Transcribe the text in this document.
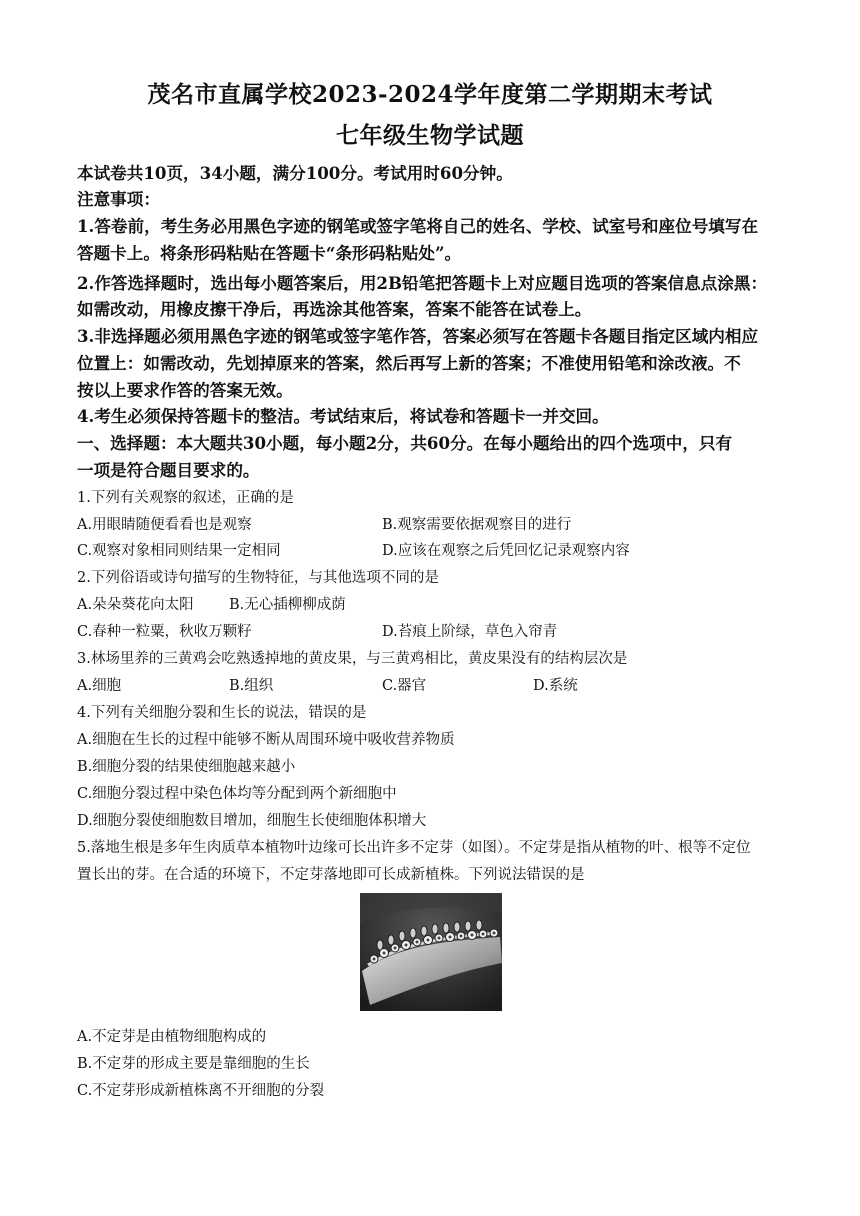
茂名市直属学校2023-2024学年度第二学期期末考试
七年级生物学试题
本试卷共10页，34小题，满分100分。考试用时60分钟。
注意事项：
1.答卷前，考生务必用黑色字迹的钢笔或签字笔将自己的姓名、学校、试室号和座位号填写在
答题卡上。将条形码粘贴在答题卡“条形码粘贴处”。
2.作答选择题时，选出每小题答案后，用2B铅笔把答题卡上对应题目选项的答案信息点涂黑：
如需改动，用橡皮擦干净后，再选涂其他答案，答案不能答在试卷上。
3.非选择题必须用黑色字迹的钢笔或签字笔作答，答案必须写在答题卡各题目指定区域内相应
位置上：如需改动，先划掉原来的答案，然后再写上新的答案；不准使用铅笔和涂改液。不
按以上要求作答的答案无效。
4.考生必须保持答题卡的整洁。考试结束后，将试卷和答题卡一并交回。
一、选择题：本大题共30小题，每小题2分，共60分。在每小题给出的四个选项中，只有
一项是符合题目要求的。
1.下列有关观察的叙述，正确的是
A.用眼睛随便看看也是观察	B.观察需要依据观察目的进行
C.观察对象相同则结果一定相同	D.应该在观察之后凭回忆记录观察内容
2.下列俗语或诗句描写的生物特征，与其他选项不同的是
A.朵朵葵花向太阳 B.无心插柳柳成荫
C.春种一粒粟，秋收万颗籽	D.苔痕上阶绿，草色入帘青
3.林场里养的三黄鸡会吃熟透掉地的黄皮果，与三黄鸡相比，黄皮果没有的结构层次是
A.细胞	B.组织	C.器官	D.系统
4.下列有关细胞分裂和生长的说法，错误的是
A.细胞在生长的过程中能够不断从周围环境中吸收营养物质
B.细胞分裂的结果使细胞越来越小
C.细胞分裂过程中染色体均等分配到两个新细胞中
D.细胞分裂使细胞数目增加，细胞生长使细胞体积增大
5.落地生根是多年生肉质草本植物叶边缘可长出许多不定芽（如图）。不定芽是指从植物的叶、根等不定位
置长出的芽。在合适的环境下，不定芽落地即可长成新植株。下列说法错误的是
A.不定芽是由植物细胞构成的
B.不定芽的形成主要是靠细胞的生长
C.不定芽形成新植株离不开细胞的分裂
